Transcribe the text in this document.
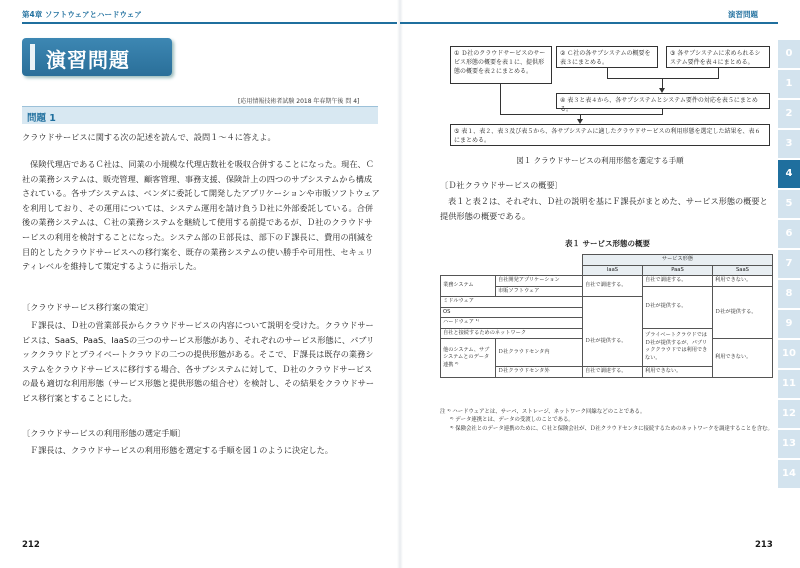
第4章 ソフトウェアとハードウェア
演習問題
[応用情報技術者試験 2018 年春期午後 問 4]
問題 1

クラウドサービスに関する次の記述を読んで、設問１～４に答えよ。

保険代理店であるＣ社は、同業の小規模な代理店数社を吸収合併することになった。現在、Ｃ社の業務システムは、販売管理、顧客管理、事務支援、保険計上の四つのサブシステムから構成されている。各サブシステムは、ベンダに委託して開発したアプリケーションや市販ソフトウェアを利用しており、その運用については、システム運用を請け負うＤ社に外部委託している。合併後の業務システムは、Ｃ社の業務システムを継続して使用する前提であるが、Ｄ社のクラウドサービスの利用を検討することになった。システム部のＥ部長は、部下のＦ課長に、費用の削減を目的としたクラウドサービスへの移行案を、既存の業務システムの使い勝手や可用性、セキュリティレベルを維持して策定するように指示した。

〔クラウドサービス移行案の策定〕

Ｆ課長は、Ｄ社の営業部長からクラウドサービスの内容について説明を受けた。クラウドサービスは、SaaS、PaaS、IaaSの三つのサービス形態があり、それぞれのサービス形態に、パブリッククラウドとプライベートクラウドの二つの提供形態がある。そこで、Ｆ課長は既存の業務システムをクラウドサービスに移行する場合、各サブシステムに対して、Ｄ社のクラウドサービスの最も適切な利用形態（サービス形態と提供形態の組合せ）を検討し、その結果をクラウドサービス移行案とすることにした。

〔クラウドサービスの利用形態の選定手順〕

Ｆ課長は、クラウドサービスの利用形態を選定する手順を図１のように決定した。

212
演習問題
① Ｄ社のクラウドサービスのサービス形態の概要を表１に、提供形態の概要を表２にまとめる。
② Ｃ社の各サブシステムの概要を表３にまとめる。
③ 各サブシステムに求められるシステム要件を表４にまとめる。
④ 表３と表４から、各サブシステムとシステム要件の対応を表５にまとめる。
⑤ 表１、表２、表３及び表５から、各サブシステムに適したクラウドサービスの利用形態を選定した結果を、表６にまとめる。
図１ クラウドサービスの利用形態を選定する手順
〔Ｄ社クラウドサービスの概要〕

表１と表２は、それぞれ、Ｄ社の説明を基にＦ課長がまとめた、サービス形態の概要と提供形態の概要である。

表１ サービス形態の概要
		サービス形態		
		IaaS	PaaS	SaaS
業務システム	自社開発アプリケーション	自社で調達する。	自社で調達する。	利用できない。
	市販ソフトウェア		Ｄ社が提供する。	Ｄ社が提供する。
ミドルウェア				
OS				
ハードウェア ¹⁾		Ｄ社が提供する。		
自社と接続するためのネットワーク			プライベートクラウドではＤ社が提供するが、パブリッククラウドでは利用できない。	
他のシステム、サブシステムとのデータ連携 ²⁾	Ｄ社クラウドセンタ内			利用できない。
	Ｄ社クラウドセンタ外	自社で調達する。	利用できない。	
注 ¹⁾ ハードウェアとは、サーバ、ストレージ、ネットワーク回線などのことである。
²⁾ データ連携とは、データの受渡しのことである。
³⁾ 保険会社とのデータ連携のために、Ｃ社と保険会社が、Ｄ社クラウドセンタに接続するためのネットワークを調達することを含む。
213
0
1
2
3
4
5
6
7
8
9
10
11
12
13
14
